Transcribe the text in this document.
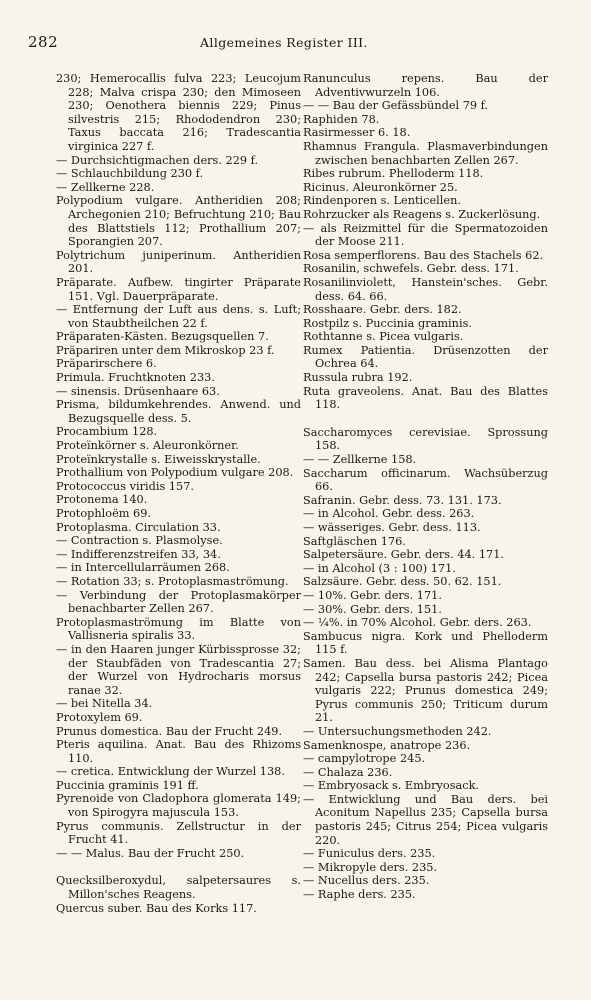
282	Allgemeines Register III.
230; Hemerocallis fulva 223; Leucojum 228; Malva crispa 230; den Mimoseen 230; Oenothera biennis 229; Pinus silvestris 215; Rhododendron 230; Taxus baccata 216; Tradescantia virginica 227 f.
— Durchsichtigmachen ders. 229 f.
— Schlauchbildung 230 f.
— Zellkerne 228.
Polypodium vulgare. Antheridien 208; Archegonien 210; Befruchtung 210; Bau des Blattstiels 112; Prothallium 207; Sporangien 207.
Polytrichum juniperinum. Antheridien 201.
Präparate. Aufbew. tingirter Präparate 151. Vgl. Dauerpräparate.
— Entfernung der Luft aus dens. s. Luft; von Staubtheilchen 22 f.
Präparaten-Kästen. Bezugsquellen 7.
Präpariren unter dem Mikroskop 23 f.
Präparirschere 6.
Primula. Fruchtknoten 233.
— sinensis. Drüsenhaare 63.
Prisma, bildumkehrendes. Anwend. und Bezugsquelle dess. 5.
Procambium 128.
Proteïnkörner s. Aleuronkörner.
Proteïnkrystalle s. Eiweisskrystalle.
Prothallium von Polypodium vulgare 208.
Protococcus viridis 157.
Protonema 140.
Protophloëm 69.
Protoplasma. Circulation 33.
— Contraction s. Plasmolyse.
— Indifferenzstreifen 33, 34.
— in Intercellularräumen 268.
— Rotation 33; s. Protoplasmaströmung.
— Verbindung der Protoplasmakörper benachbarter Zellen 267.
Protoplasmaströmung im Blatte von Vallisneria spiralis 33.
— in den Haaren junger Kürbissprosse 32; der Staubfäden von Tradescantia 27; der Wurzel von Hydrocharis morsus ranae 32.
— bei Nitella 34.
Protoxylem 69.
Prunus domestica. Bau der Frucht 249.
Pteris aquilina. Anat. Bau des Rhizoms 110.
— cretica. Entwicklung der Wurzel 138.
Puccinia graminis 191 ff.
Pyrenoide von Cladophora glomerata 149; von Spirogyra majuscula 153.
Pyrus communis. Zellstructur in der Frucht 41.
— — Malus. Bau der Frucht 250.
Quecksilberoxydul, salpetersaures s. Millon'sches Reagens.
Quercus suber. Bau des Korks 117.
Ranunculus repens. Bau der Adventivwurzeln 106.
— — Bau der Gefässbündel 79 f.
Raphiden 78.
Rasirmesser 6. 18.
Rhamnus Frangula. Plasmaverbindungen zwischen benachbarten Zellen 267.
Ribes rubrum. Phelloderm 118.
Ricinus. Aleuronkörner 25.
Rindenporen s. Lenticellen.
Rohrzucker als Reagens s. Zuckerlösung.
— als Reizmittel für die Spermatozoiden der Moose 211.
Rosa semperflorens. Bau des Stachels 62.
Rosanilin, schwefels. Gebr. dess. 171.
Rosanilinviolett, Hanstein'sches. Gebr. dess. 64. 66.
Rosshaare. Gebr. ders. 182.
Rostpilz s. Puccinia graminis.
Rothtanne s. Picea vulgaris.
Rumex Patientia. Drüsenzotten der Ochrea 64.
Russula rubra 192.
Ruta graveolens. Anat. Bau des Blattes 118.
Saccharomyces cerevisiae. Sprossung 158.
— — Zellkerne 158.
Saccharum officinarum. Wachsüberzug 66.
Safranin. Gebr. dess. 73. 131. 173.
— in Alcohol. Gebr. dess. 263.
— wässeriges. Gebr. dess. 113.
Saftgläschen 176.
Salpetersäure. Gebr. ders. 44. 171.
— in Alcohol (3 : 100) 171.
Salzsäure. Gebr. dess. 50. 62. 151.
— 10%. Gebr. ders. 171.
— 30%. Gebr. ders. 151.
— ¼%. in 70% Alcohol. Gebr. ders. 263.
Sambucus nigra. Kork und Phelloderm 115 f.
Samen. Bau dess. bei Alisma Plantago 242; Capsella bursa pastoris 242; Picea vulgaris 222; Prunus domestica 249; Pyrus communis 250; Triticum durum 21.
— Untersuchungsmethoden 242.
Samenknospe, anatrope 236.
— campylotrope 245.
— Chalaza 236.
— Embryosack s. Embryosack.
— Entwicklung und Bau ders. bei Aconitum Napellus 235; Capsella bursa pastoris 245; Citrus 254; Picea vulgaris 220.
— Funiculus ders. 235.
— Mikropyle ders. 235.
— Nucellus ders. 235.
— Raphe ders. 235.
